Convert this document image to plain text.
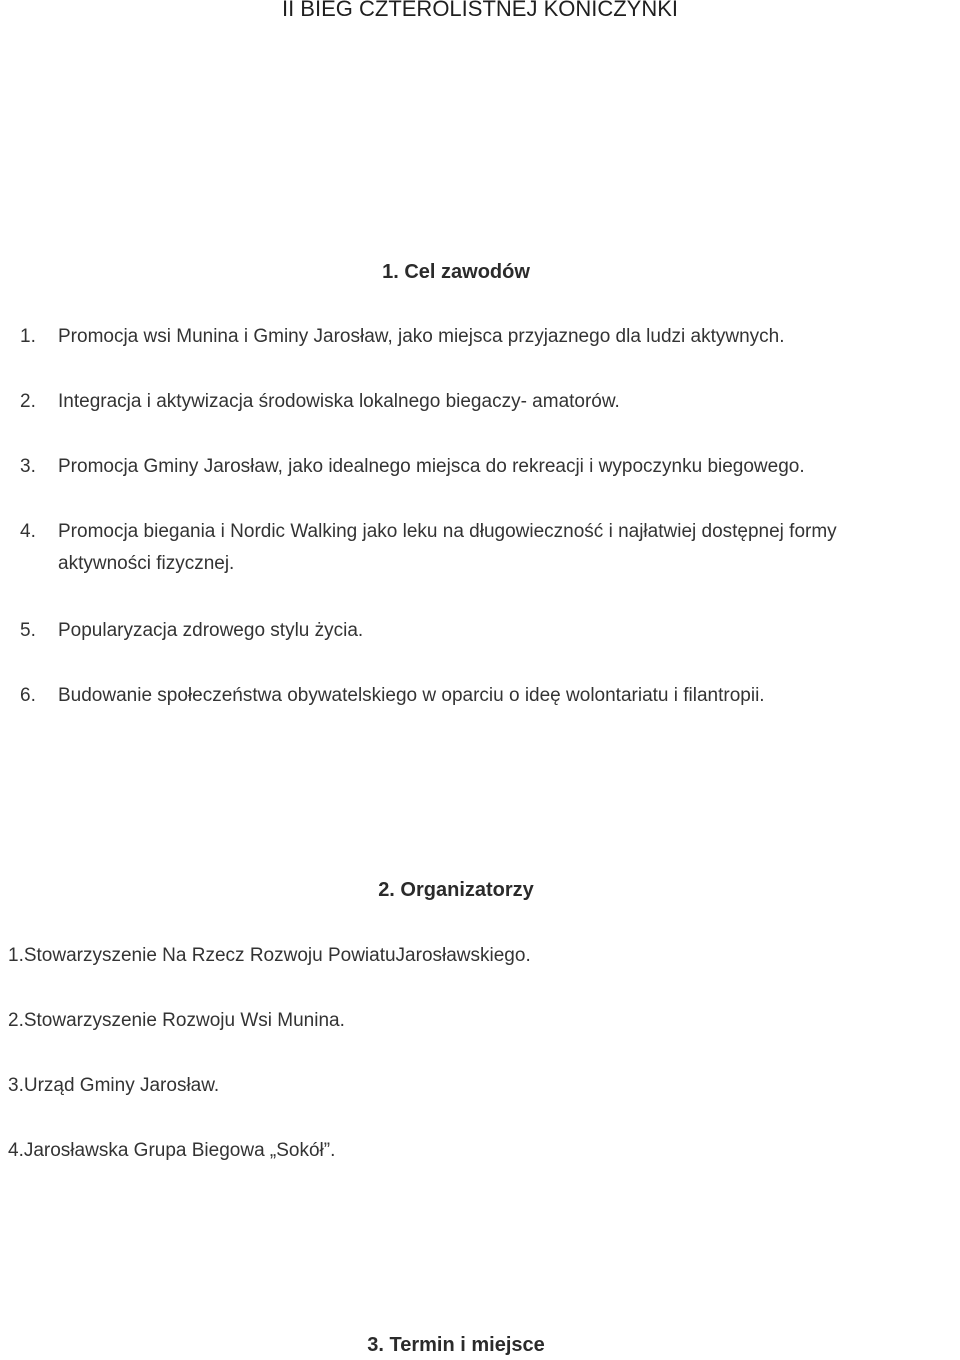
II BIEG CZTEROLISTNEJ KONICZYNKI
1. Cel zawodów
1. Promocja wsi Munina i Gminy Jarosław, jako miejsca przyjaznego dla ludzi aktywnych.
2. Integracja i aktywizacja środowiska lokalnego biegaczy- amatorów.
3. Promocja Gminy Jarosław, jako idealnego miejsca do rekreacji i wypoczynku biegowego.
4. Promocja biegania i Nordic Walking jako leku na długowieczność i najłatwiej dostępnej formy
aktywności fizycznej.
5. Popularyzacja zdrowego stylu życia.
6. Budowanie społeczeństwa obywatelskiego w oparciu o ideę wolontariatu i filantropii.
2. Organizatorzy
1.Stowarzyszenie Na Rzecz Rozwoju PowiatuJarosławskiego.
2.Stowarzyszenie Rozwoju Wsi Munina.
3.Urząd Gminy Jarosław.
4.Jarosławska Grupa Biegowa „Sokół”.
3. Termin i miejsce
